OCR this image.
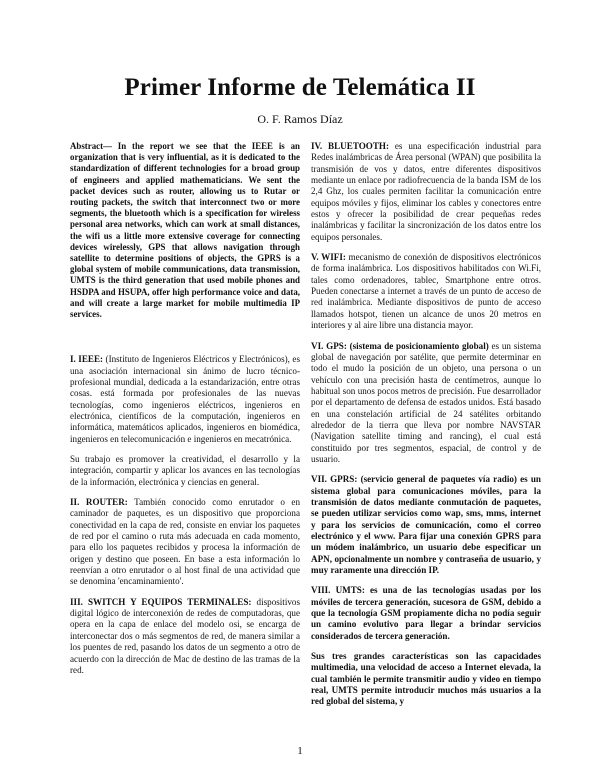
Primer Informe de Telemática II
O. F. Ramos Díaz

Abstract— In the report we see that the IEEE is an organization that is very influential, as it is dedicated to the standardization of different technologies for a broad group of engineers and applied mathematicians. We sent the packet devices such as router, allowing us to Rutar or routing packets, the switch that interconnect two or more segments, the bluetooth which is a specification for wireless personal area networks, which can work at small distances, the wifi us a little more extensive coverage for connecting devices wirelessly, GPS that allows navigation through satellite to determine positions of objects, the GPRS is a global system of mobile communications, data transmission, UMTS is the third generation that used mobile phones and HSDPA and HSUPA, offer high performance voice and data, and will create a large market for mobile multimedia IP services.

I. IEEE: (Instituto de Ingenieros Eléctricos y Electrónicos), es una asociación internacional sin ánimo de lucro técnico-profesional mundial, dedicada a la estandarización, entre otras cosas. está formada por profesionales de las nuevas tecnologías, como ingenieros eléctricos, ingenieros en electrónica, científicos de la computación, ingenieros en informática, matemáticos aplicados, ingenieros en biomédica, ingenieros en telecomunicación e ingenieros en mecatrónica.

Su trabajo es promover la creatividad, el desarrollo y la integración, compartir y aplicar los avances en las tecnologías de la información, electrónica y ciencias en general.

II. ROUTER: También conocido como enrutador o en caminador de paquetes, es un dispositivo que proporciona conectividad en la capa de red, consiste en enviar los paquetes de red por el camino o ruta más adecuada en cada momento, para ello los paquetes recibidos y procesa la información de origen y destino que poseen. En base a esta información lo reenvían a otro enrutador o al host final de una actividad que se denomina 'encaminamiento'.

III. SWITCH Y EQUIPOS TERMINALES: dispositivos digital lógico de interconexión de redes de computadoras, que opera en la capa de enlace del modelo osi, se encarga de interconectar dos o más segmentos de red, de manera similar a los puentes de red, pasando los datos de un segmento a otro de acuerdo con la dirección de Mac de destino de las tramas de la red.

IV. BLUETOOTH: es una especificación industrial para Redes inalámbricas de Área personal (WPAN) que posibilita la transmisión de vos y datos, entre diferentes dispositivos mediante un enlace por radiofrecuencia de la banda ISM de los 2,4 Ghz, los cuales permiten facilitar la comunicación entre equipos móviles y fijos, eliminar los cables y conectores entre estos y ofrecer la posibilidad de crear pequeñas redes inalámbricas y facilitar la sincronización de los datos entre los equipos personales.

V. WIFI: mecanismo de conexión de dispositivos electrónicos de forma inalámbrica. Los dispositivos habilitados con Wi.Fi, tales como ordenadores, tablec, Smartphone entre otros. Pueden conectarse a internet a través de un punto de acceso de red inalámbrica. Mediante dispositivos de punto de acceso llamados hotspot, tienen un alcance de unos 20 metros en interiores y al aire libre una distancia mayor.

VI. GPS: (sistema de posicionamiento global) es un sistema global de navegación por satélite, que permite determinar en todo el mudo la posición de un objeto, una persona o un vehículo con una precisión hasta de centímetros, aunque lo habitual son unos pocos metros de precisión. Fue desarrollador por el departamento de defensa de estados unidos. Está basado en una constelación artificial de 24 satélites orbitando alrededor de la tierra que lleva por nombre NAVSTAR (Navigation satellite timing and rancing), el cual está constituido por tres segmentos, espacial, de control y de usuario.

VII. GPRS: (servicio general de paquetes vía radio) es un sistema global para comunicaciones móviles, para la transmisión de datos mediante conmutación de paquetes, se pueden utilizar servicios como wap, sms, mms, internet y para los servicios de comunicación, como el correo electrónico y el www. Para fijar una conexión GPRS para un módem inalámbrico, un usuario debe especificar un APN, opcionalmente un nombre y contraseña de usuario, y muy raramente una dirección IP.

VIII. UMTS: es una de las tecnologías usadas por los móviles de tercera generación, sucesora de GSM, debido a que la tecnología GSM propiamente dicha no podía seguir un camino evolutivo para llegar a brindar servicios considerados de tercera generación.

Sus tres grandes características son las capacidades multimedia, una velocidad de acceso a Internet elevada, la cual también le permite transmitir audio y video en tiempo real, UMTS permite introducir muchos más usuarios a la red global del sistema, y

1
